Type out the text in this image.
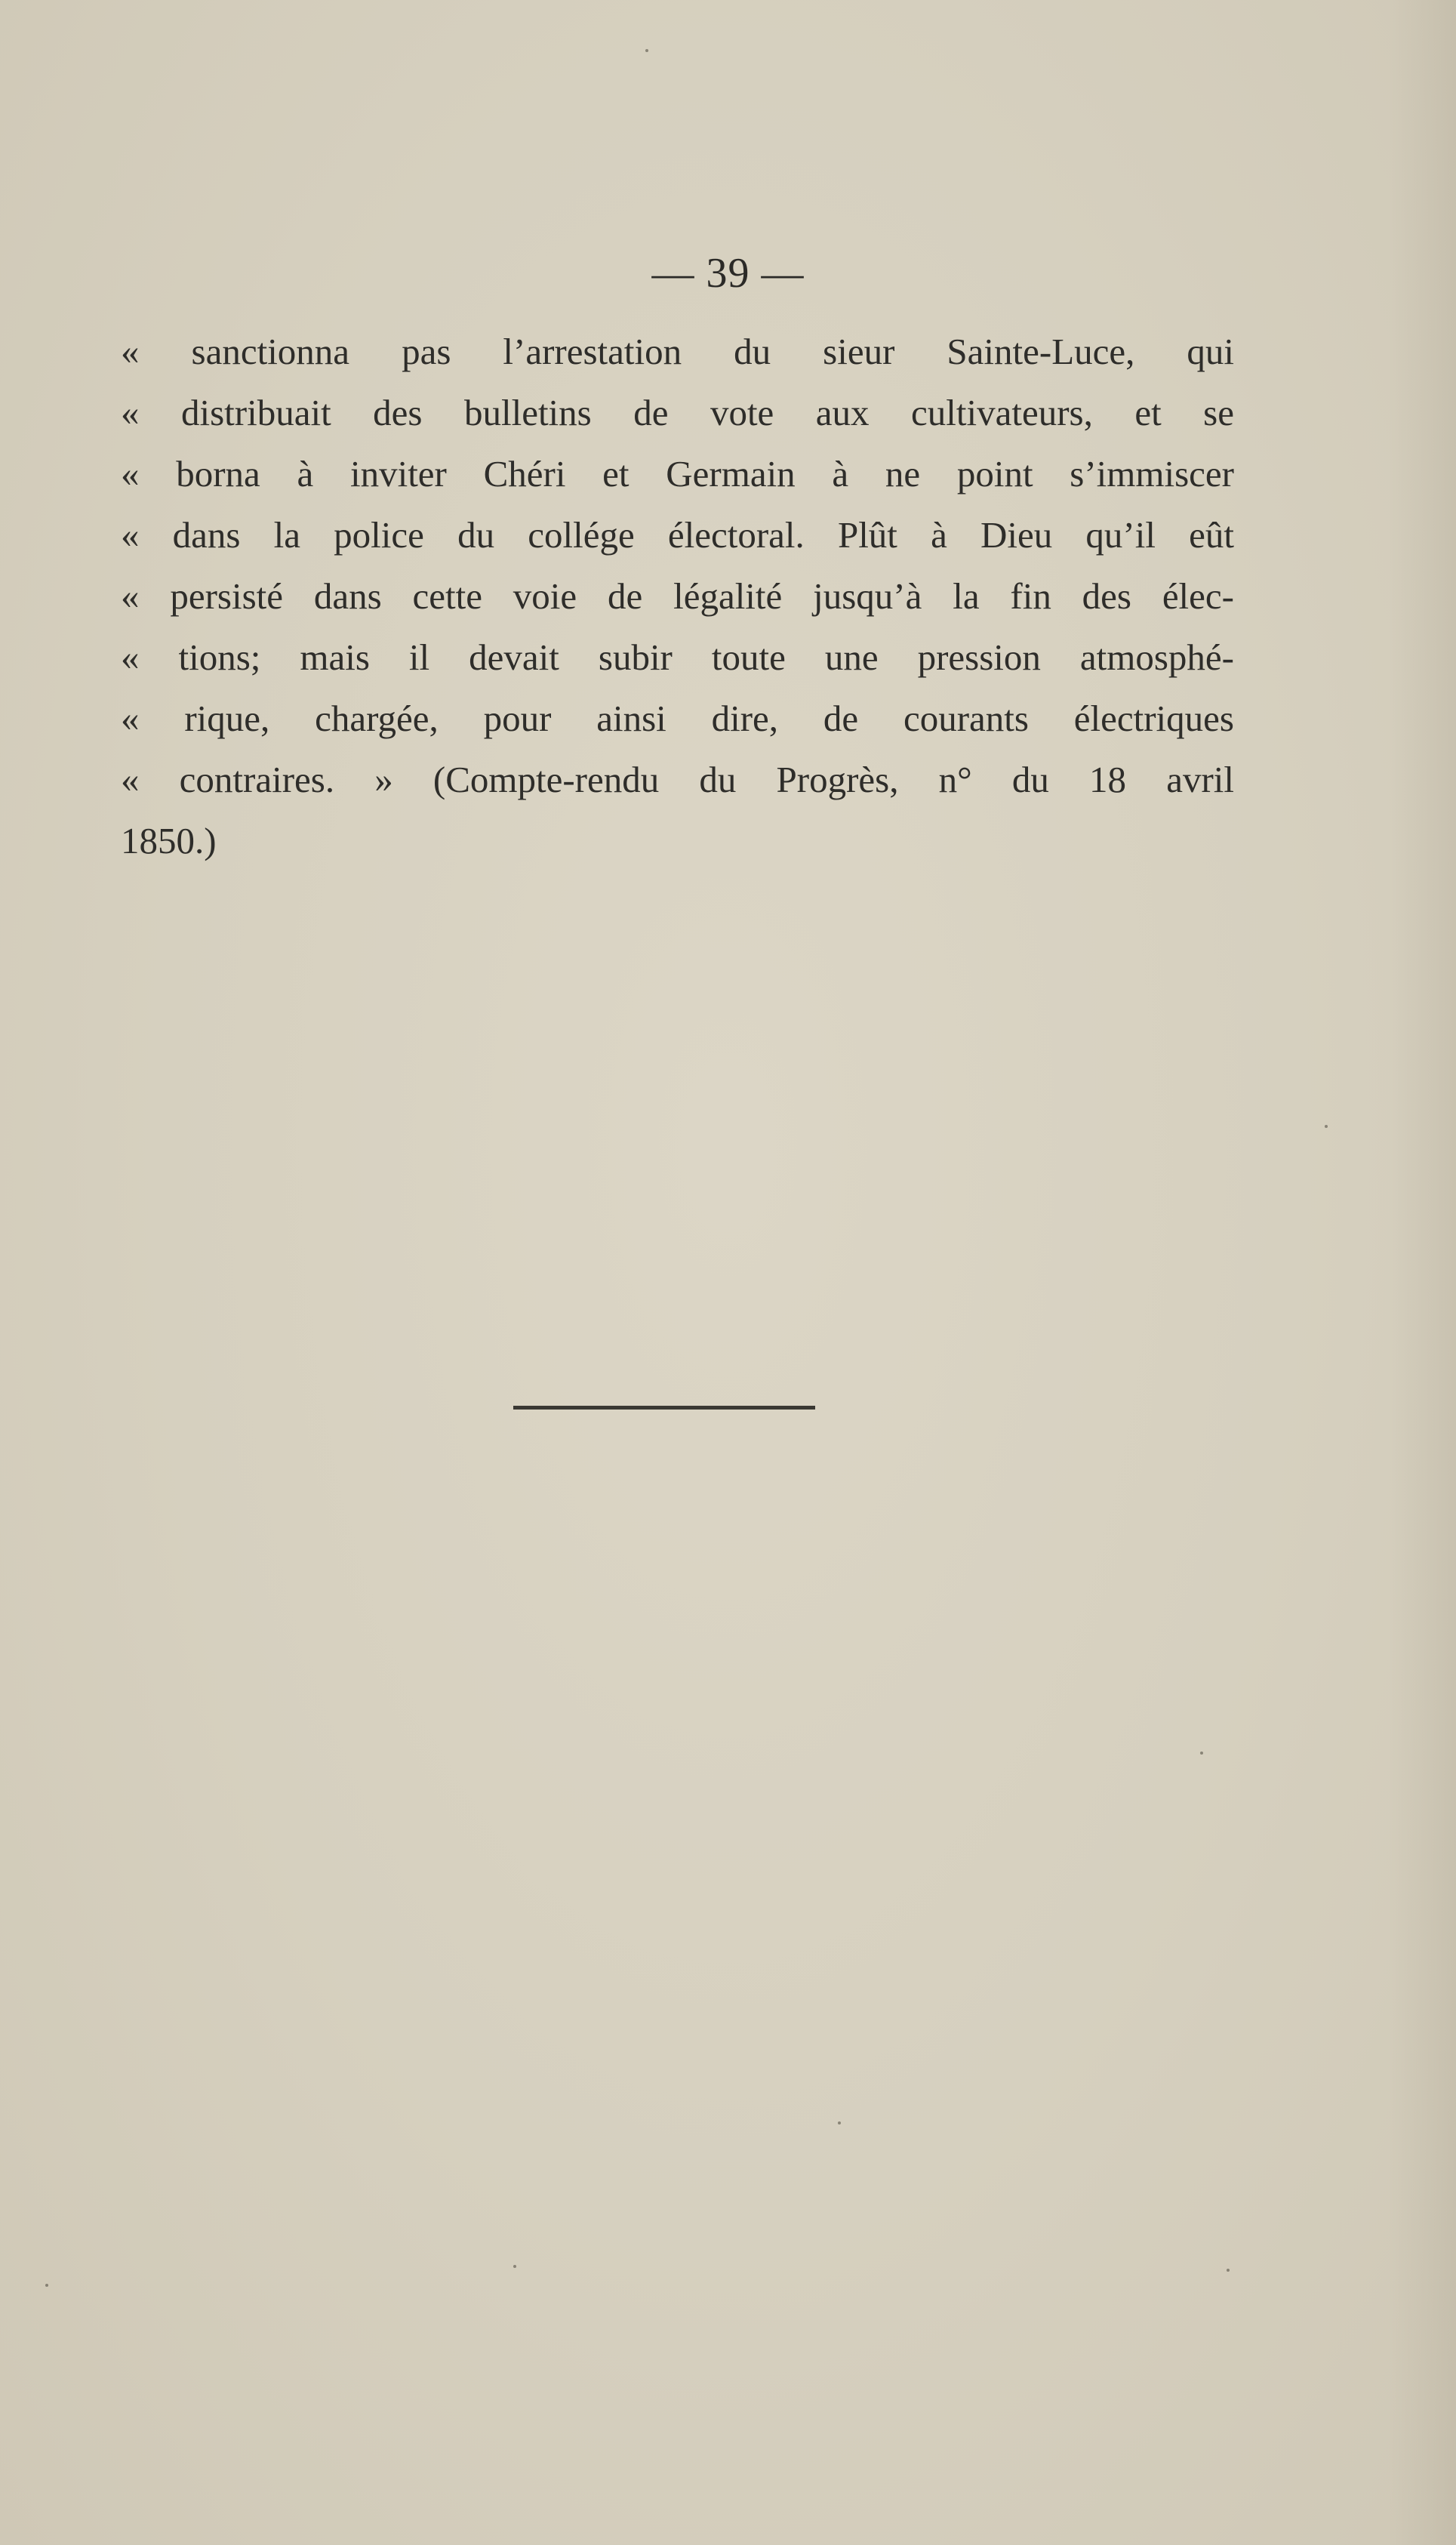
— 39 —
« sanctionna pas l’arrestation du sieur Sainte-Luce, qui
« distribuait des bulletins de vote aux cultivateurs, et se
« borna à inviter Chéri et Germain à ne point s’immiscer
« dans la police du collége électoral. Plût à Dieu qu’il eût
« persisté dans cette voie de légalité jusqu’à la fin des élec-
« tions; mais il devait subir toute une pression atmosphé-
« rique, chargée, pour ainsi dire, de courants électriques
« contraires. » (Compte-rendu du Progrès, n° du 18 avril
1850.)
